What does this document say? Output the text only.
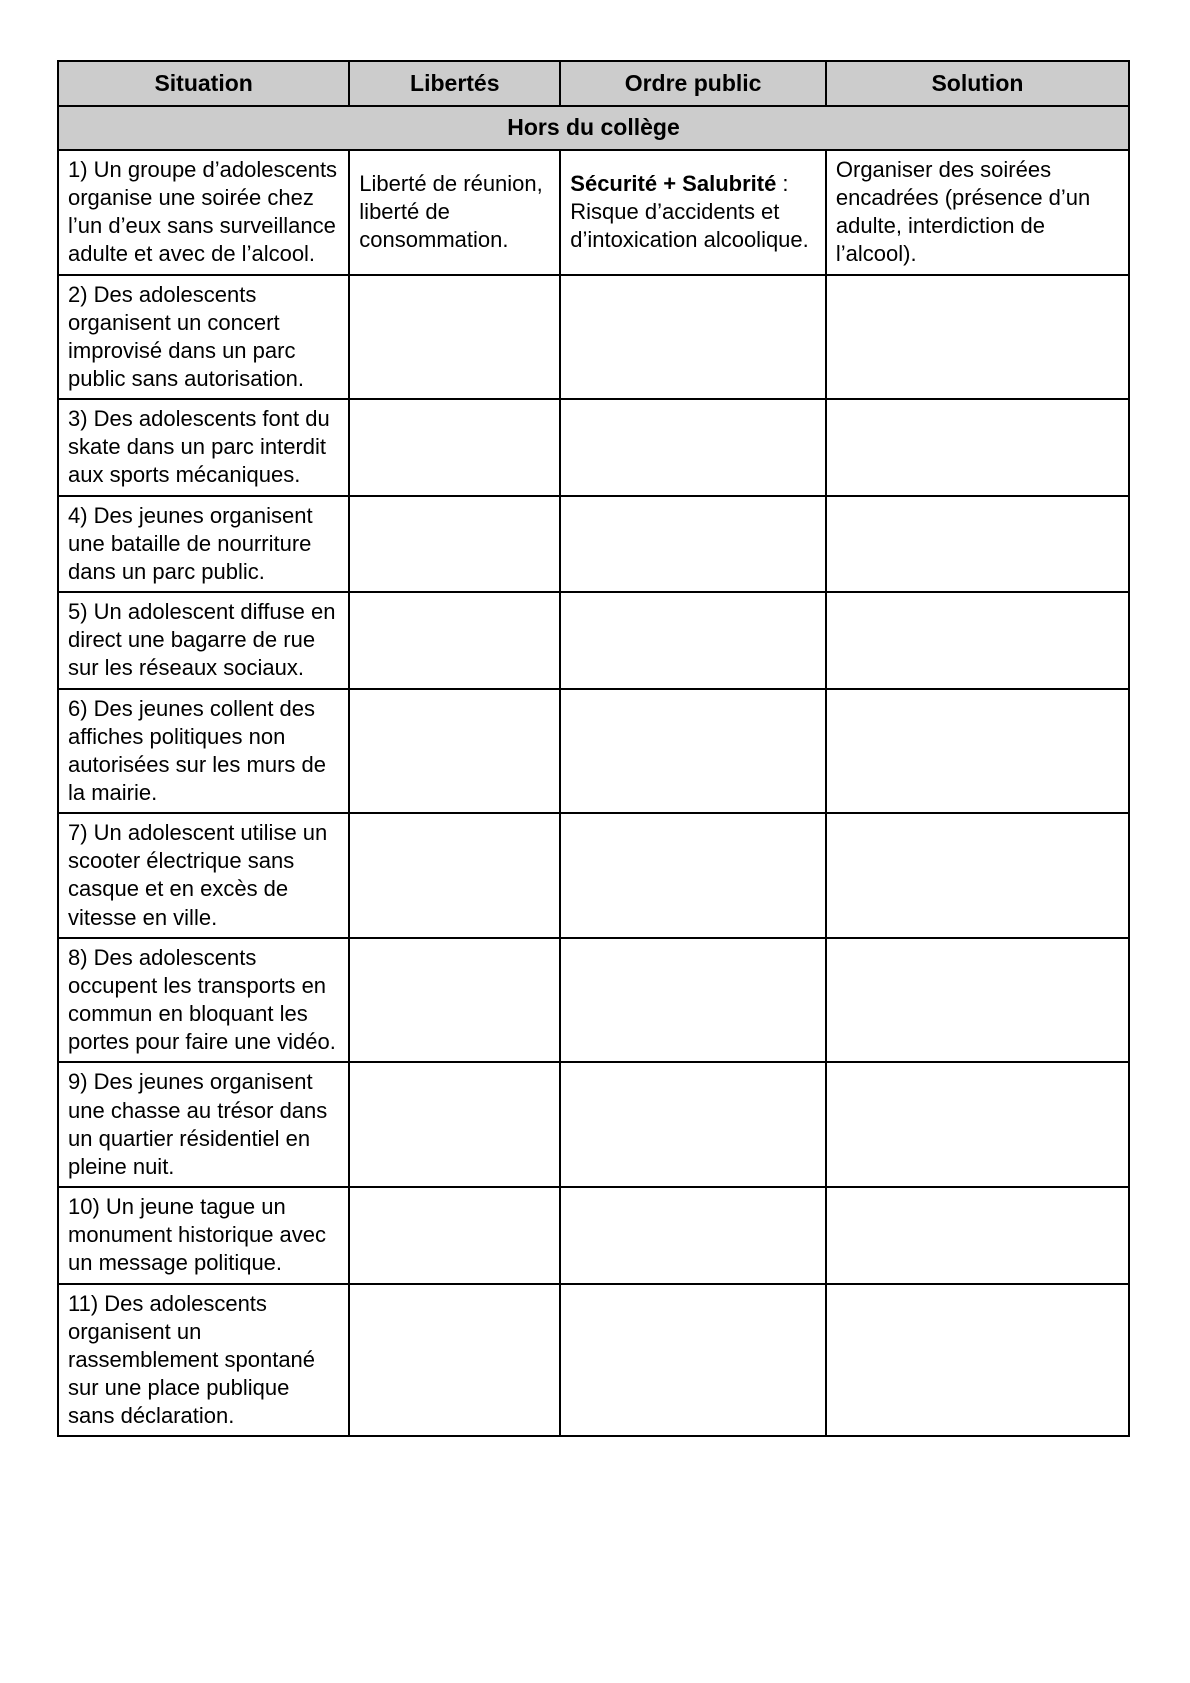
Situation	Libertés	Ordre public	Solution
Hors du collège			
1) Un groupe d’adolescents organise une soirée chez l’un d’eux sans surveillance adulte et avec de l’alcool.	Liberté de réunion, liberté de consommation.	Sécurité + Salubrité : Risque d’accidents et d’intoxication alcoolique.	Organiser des soirées encadrées (présence d’un adulte, interdiction de l’alcool).
2) Des adolescents organisent un concert improvisé dans un parc public sans autorisation.			
3) Des adolescents font du skate dans un parc interdit aux sports mécaniques.			
4) Des jeunes organisent une bataille de nourriture dans un parc public.			
5) Un adolescent diffuse en direct une bagarre de rue sur les réseaux sociaux.			
6) Des jeunes collent des affiches politiques non autorisées sur les murs de la mairie.			
7) Un adolescent utilise un scooter électrique sans casque et en excès de vitesse en ville.			
8) Des adolescents occupent les transports en commun en bloquant les portes pour faire une vidéo.			
9) Des jeunes organisent une chasse au trésor dans un quartier résidentiel en pleine nuit.			
10) Un jeune tague un monument historique avec un message politique.			
11) Des adolescents organisent un rassemblement spontané sur une place publique sans déclaration.			
